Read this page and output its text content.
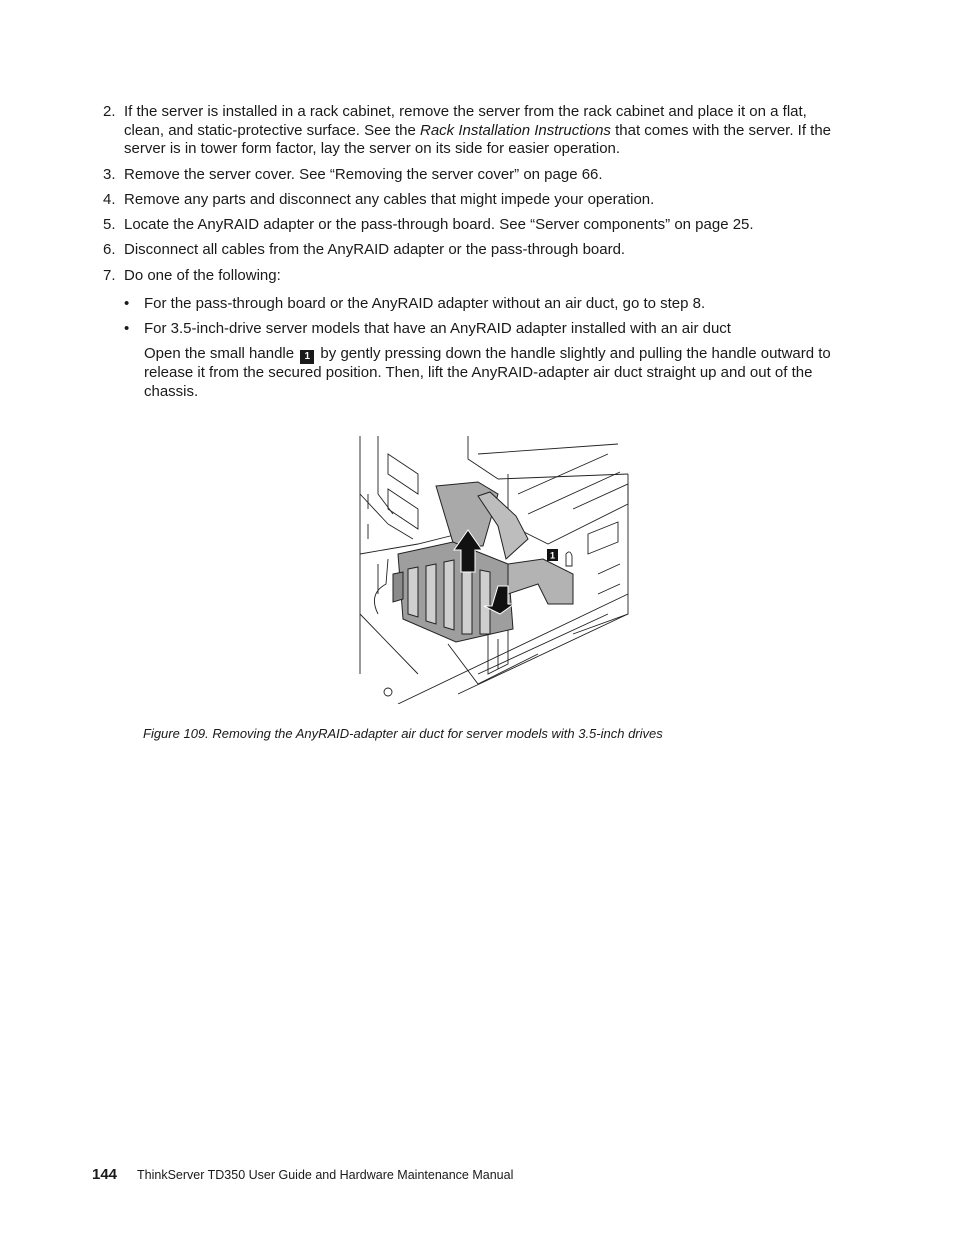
2. If the server is installed in a rack cabinet, remove the server from the rack cabinet and place it on a flat, clean, and static-protective surface. See the Rack Installation Instructions that comes with the server. If the server is in tower form factor, lay the server on its side for easier operation.
3. Remove the server cover. See “Removing the server cover” on page 66.
4. Remove any parts and disconnect any cables that might impede your operation.
5. Locate the AnyRAID adapter or the pass-through board. See “Server components” on page 25.
6. Disconnect all cables from the AnyRAID adapter or the pass-through board.
7. Do one of the following:
• For the pass-through board or the AnyRAID adapter without an air duct, go to step 8.
• For 3.5-inch-drive server models that have an AnyRAID adapter installed with an air duct
Open the small handle 1 by gently pressing down the handle slightly and pulling the handle outward to release it from the secured position. Then, lift the AnyRAID-adapter air duct straight up and out of the chassis.
1
Figure 109. Removing the AnyRAID-adapter air duct for server models with 3.5-inch drives
144 ThinkServer TD350 User Guide and Hardware Maintenance Manual
